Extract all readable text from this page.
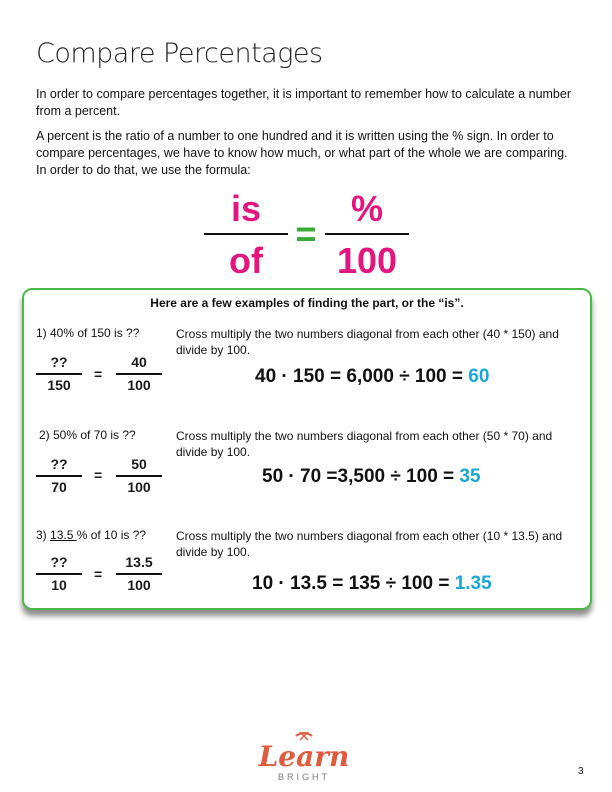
Compare Percentages
In order to compare percentages together, it is important to remember how to calculate a number from a percent.
A percent is the ratio of a number to one hundred and it is written using the % sign. In order to compare percentages, we have to know how much, or what part of the whole we are comparing. In order to do that, we use the formula:
is
of
=
%
100
Here are a few examples of finding the part, or the “is”.
1) 40% of 150 is ??
??
150
=
40
100
Cross multiply the two numbers diagonal from each other (40 * 150) and divide by 100.
40 · 150 = 6,000 ÷ 100 = 60
2) 50% of 70 is ??
??
70
=
50
100
Cross multiply the two numbers diagonal from each other (50 * 70) and divide by 100.
50 · 70 =3,500 ÷ 100 = 35
3) 13.5 % of 10 is ??
??
10
=
13.5
100
Cross multiply the two numbers diagonal from each other (10 * 13.5) and divide by 100.
10 · 13.5 = 135 ÷ 100 = 1.35
Learn
BRIGHT	3
